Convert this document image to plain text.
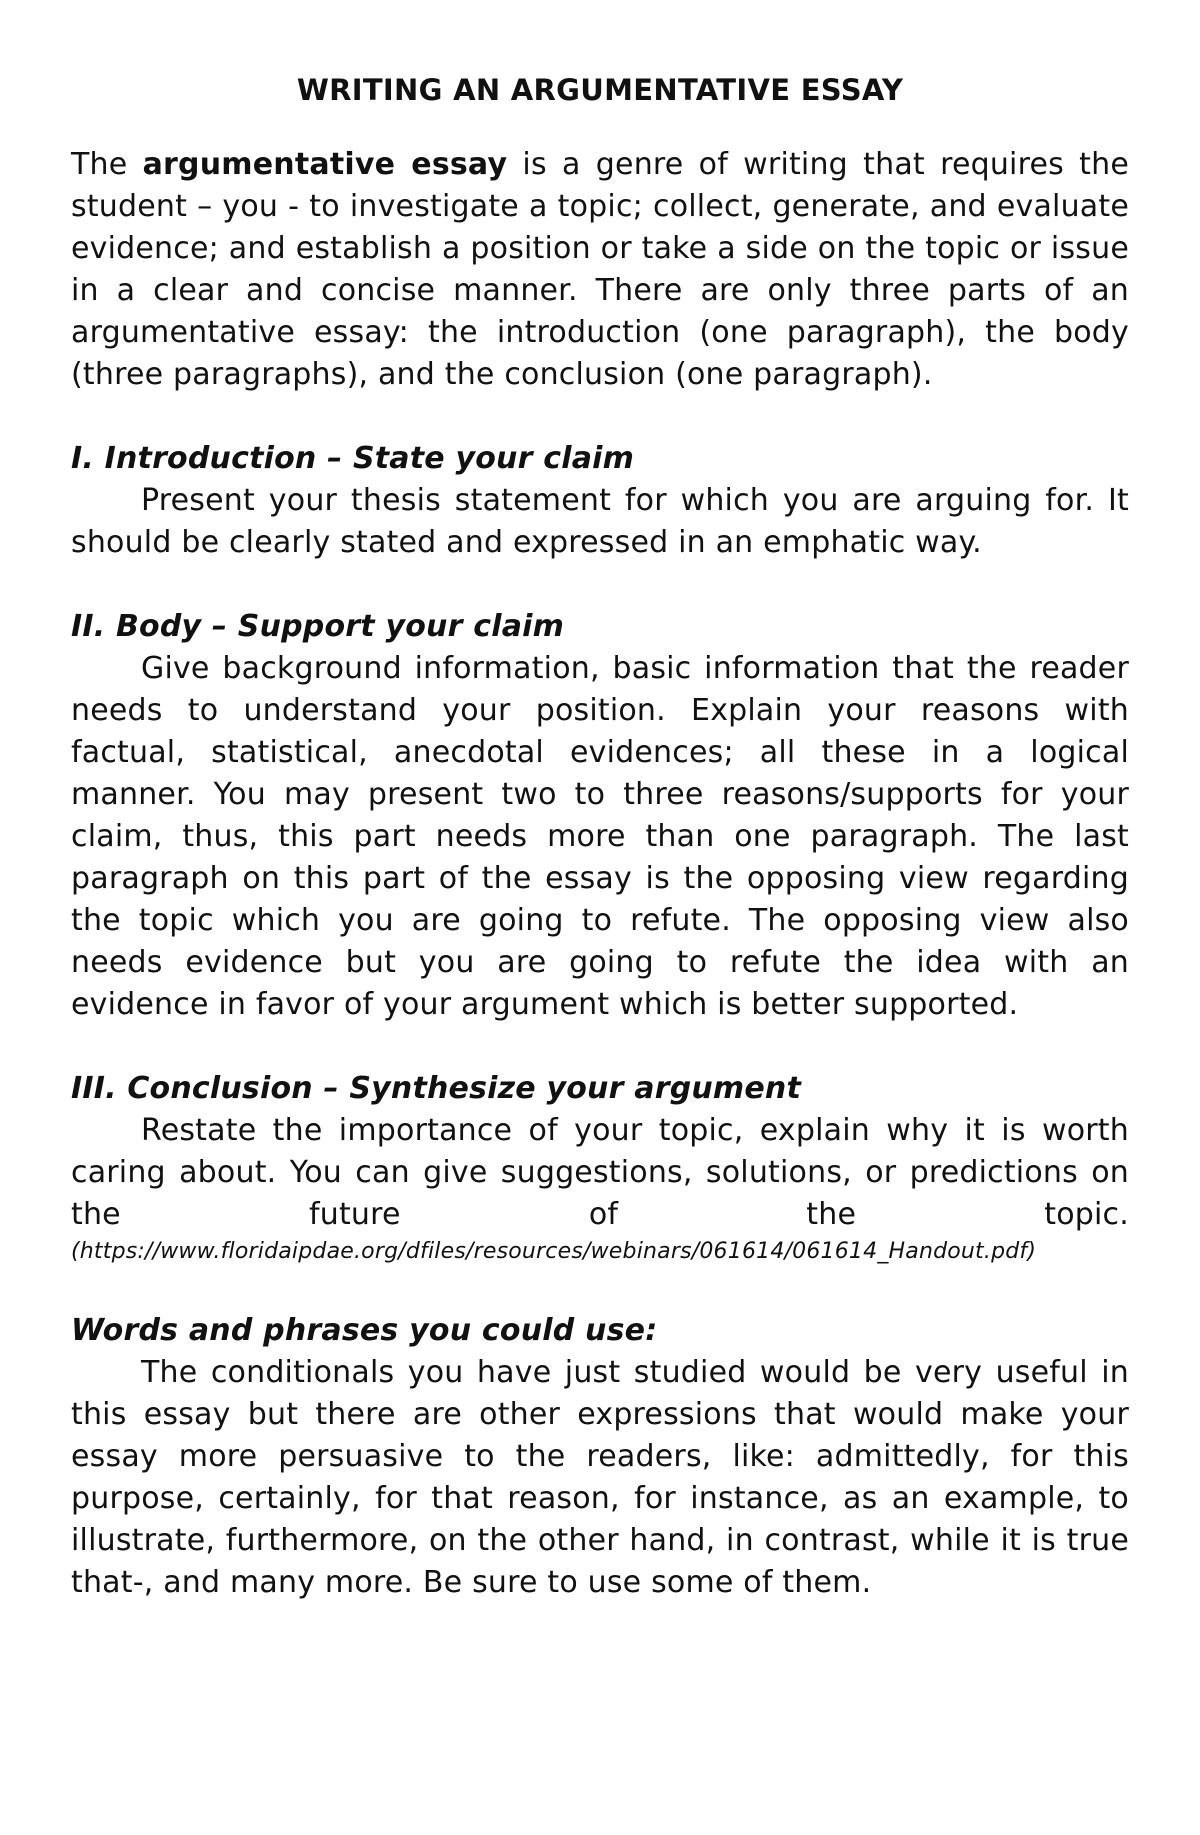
WRITING AN ARGUMENTATIVE ESSAY

The argumentative essay is a genre of writing that requires the student – you - to investigate a topic; collect, generate, and evaluate evidence; and establish a position or take a side on the topic or issue in a clear and concise manner. There are only three parts of an argumentative essay: the introduction (one paragraph), the body (three paragraphs), and the conclusion (one paragraph).

I. Introduction – State your claim

Present your thesis statement for which you are arguing for. It should be clearly stated and expressed in an emphatic way.

II. Body – Support your claim

Give background information, basic information that the reader needs to understand your position. Explain your reasons with factual, statistical, anecdotal evidences; all these in a logical manner. You may present two to three reasons/supports for your claim, thus, this part needs more than one paragraph. The last paragraph on this part of the essay is the opposing view regarding the topic which you are going to refute. The opposing view also needs evidence but you are going to refute the idea with an evidence in favor of your argument which is better supported.

III. Conclusion – Synthesize your argument

Restate the importance of your topic, explain why it is worth caring about. You can give suggestions, solutions, or predictions on the future of the topic.

(https://www.floridaipdae.org/dfiles/resources/webinars/061614/061614_Handout.pdf)

Words and phrases you could use:

The conditionals you have just studied would be very useful in this essay but there are other expressions that would make your essay more persuasive to the readers, like: admittedly, for this purpose, certainly, for that reason, for instance, as an example, to illustrate, furthermore, on the other hand, in contrast, while it is true that-, and many more. Be sure to use some of them.
